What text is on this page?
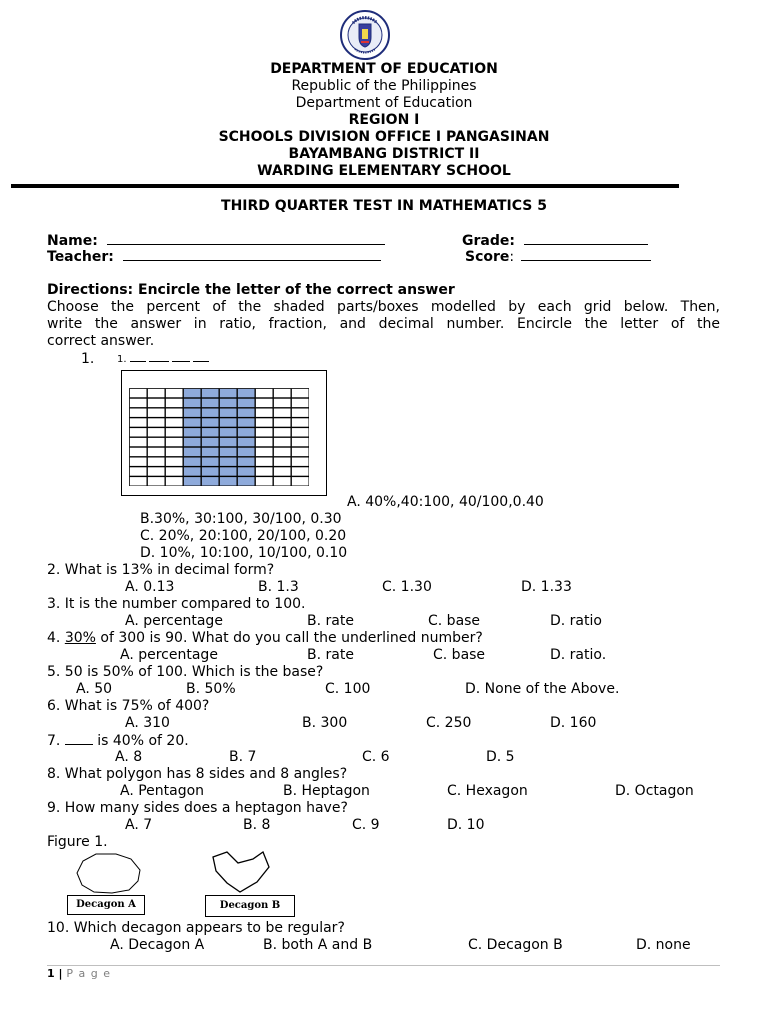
DEPARTMENT OF EDUCATION
Republic of the Philippines
Department of Education
REGION I
SCHOOLS DIVISION OFFICE I PANGASINAN
BAYAMBANG DISTRICT II
WARDING ELEMENTARY SCHOOL
THIRD QUARTER TEST IN MATHEMATICS 5
Name:	Grade:
Teacher:	Score:
Directions: Encircle the letter of the correct answer
Choose the percent of the shaded parts/boxes modelled by each grid below. Then,
write the answer in ratio, fraction, and decimal number. Encircle the letter of the
correct answer.
1. 1.
A. 40%,40:100, 40/100,0.40
B.30%, 30:100, 30/100, 0.30
C. 20%, 20:100, 20/100, 0.20
D. 10%, 10:100, 10/100, 0.10
2. What is 13% in decimal form?
A. 0.13	B. 1.3	C. 1.30	D. 1.33
3. It is the number compared to 100.
A. percentage	B. rate	C. base	D. ratio
4. 30% of 300 is 90. What do you call the underlined number?
A. percentage	B. rate	C. base	D. ratio.
5. 50 is 50% of 100. Which is the base?
A. 50	B. 50%	C. 100	D. None of the Above.
6. What is 75% of 400?
A. 310	B. 300	C. 250	D. 160
7.  is 40% of 20.
A. 8	B. 7	C. 6	D. 5
8. What polygon has 8 sides and 8 angles?
A. Pentagon	B. Heptagon	C. Hexagon	D. Octagon
9. How many sides does a heptagon have?
A. 7	B. 8	C. 9	D. 10
Figure 1.
Decagon A	Decagon B
10. Which decagon appears to be regular?
A. Decagon A	B. both A and B	C. Decagon B	D. none
1 | P a g e
